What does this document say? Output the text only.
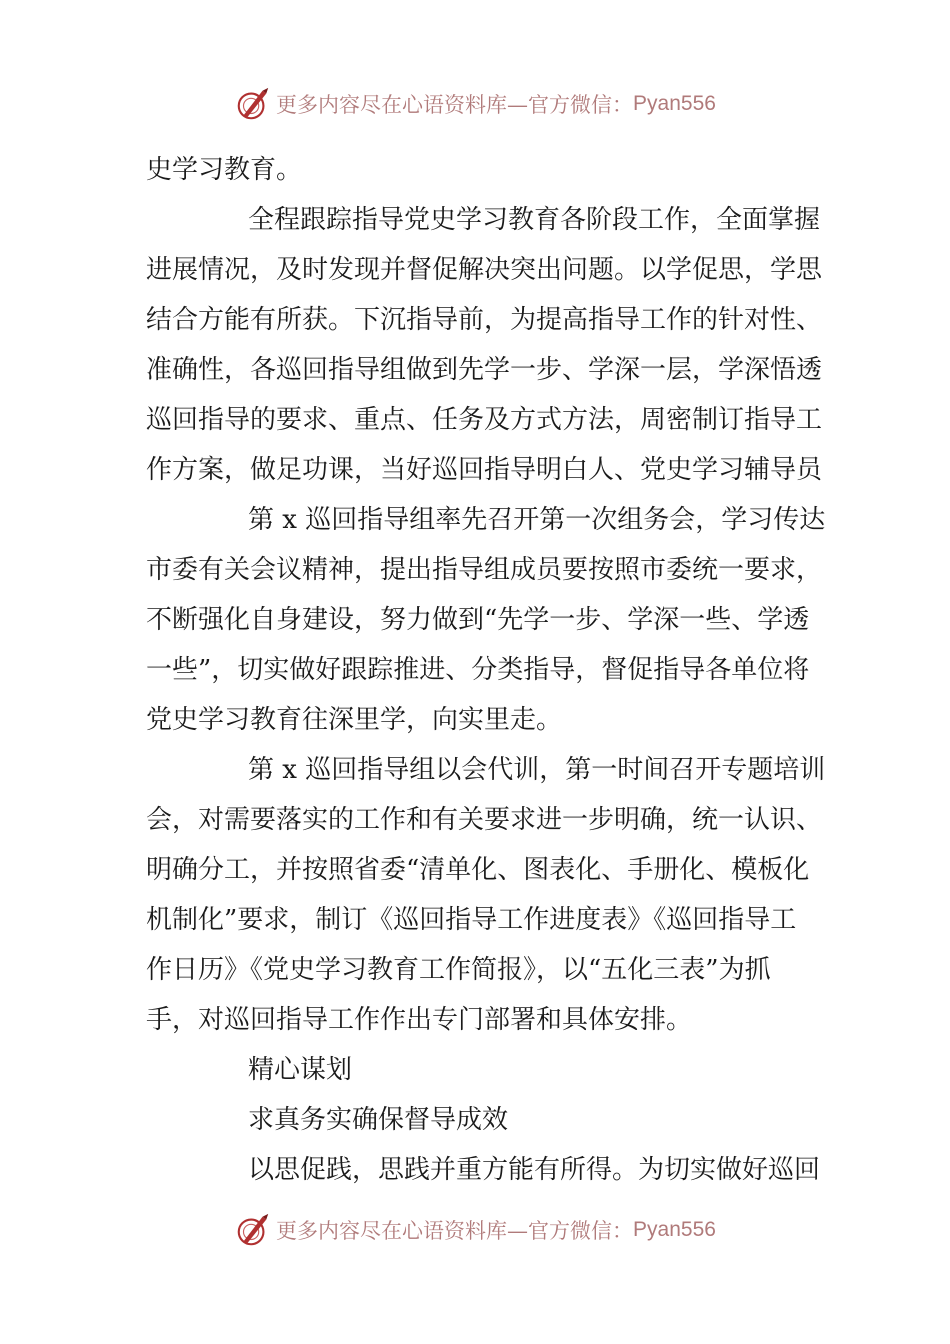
更多内容尽在心语资料库—官方微信： Pyan556
史学习教育。
全程跟踪指导党史学习教育各阶段工作，全面掌握
进展情况，及时发现并督促解决突出问题。以学促思，学思
结合方能有所获。下沉指导前，为提高指导工作的针对性、
准确性，各巡回指导组做到先学一步、学深一层，学深悟透
巡回指导的要求、重点、任务及方式方法，周密制订指导工
作方案，做足功课，当好巡回指导明白人、党史学习辅导员
第 x 巡回指导组率先召开第一次组务会，学习传达
市委有关会议精神，提出指导组成员要按照市委统一要求，
不断强化自身建设，努力做到“先学一步、学深一些、学透
一些”，切实做好跟踪推进、分类指导，督促指导各单位将
党史学习教育往深里学，向实里走。
第 x 巡回指导组以会代训，第一时间召开专题培训
会，对需要落实的工作和有关要求进一步明确，统一认识、
明确分工，并按照省委“清单化、图表化、手册化、模板化
机制化”要求，制订《巡回指导工作进度表》《巡回指导工
作日历》《党史学习教育工作简报》，以“五化三表”为抓
手，对巡回指导工作作出专门部署和具体安排。
精心谋划
求真务实确保督导成效
以思促践，思践并重方能有所得。为切实做好巡回
更多内容尽在心语资料库—官方微信： Pyan556
